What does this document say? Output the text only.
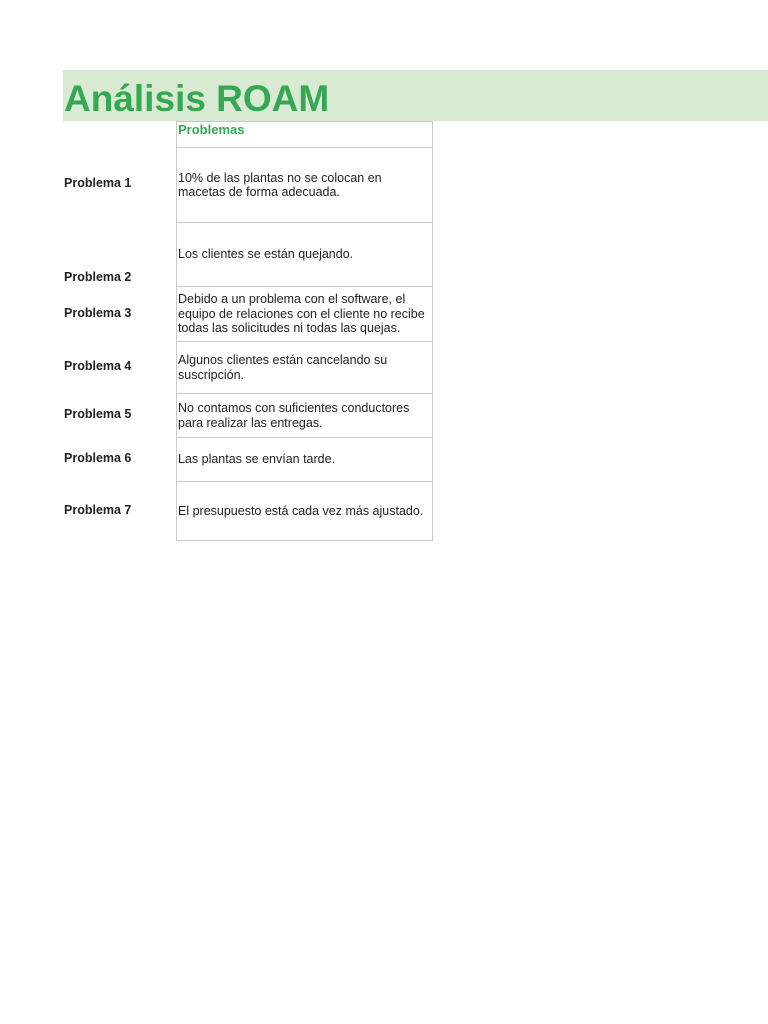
Análisis ROAM
Problema 1
Problema 2
Problema 3
Problema 4
Problema 5
Problema 6
Problema 7
Problemas
10% de las plantas no se colocan en macetas de forma adecuada.
Los clientes se están quejando.
Debido a un problema con el software, el equipo de relaciones con el cliente no recibe todas las solicitudes ni todas las quejas.
Algunos clientes están cancelando su suscripción.
No contamos con suficientes conductores para realizar las entregas.
Las plantas se envían tarde.
El presupuesto está cada vez más ajustado.
